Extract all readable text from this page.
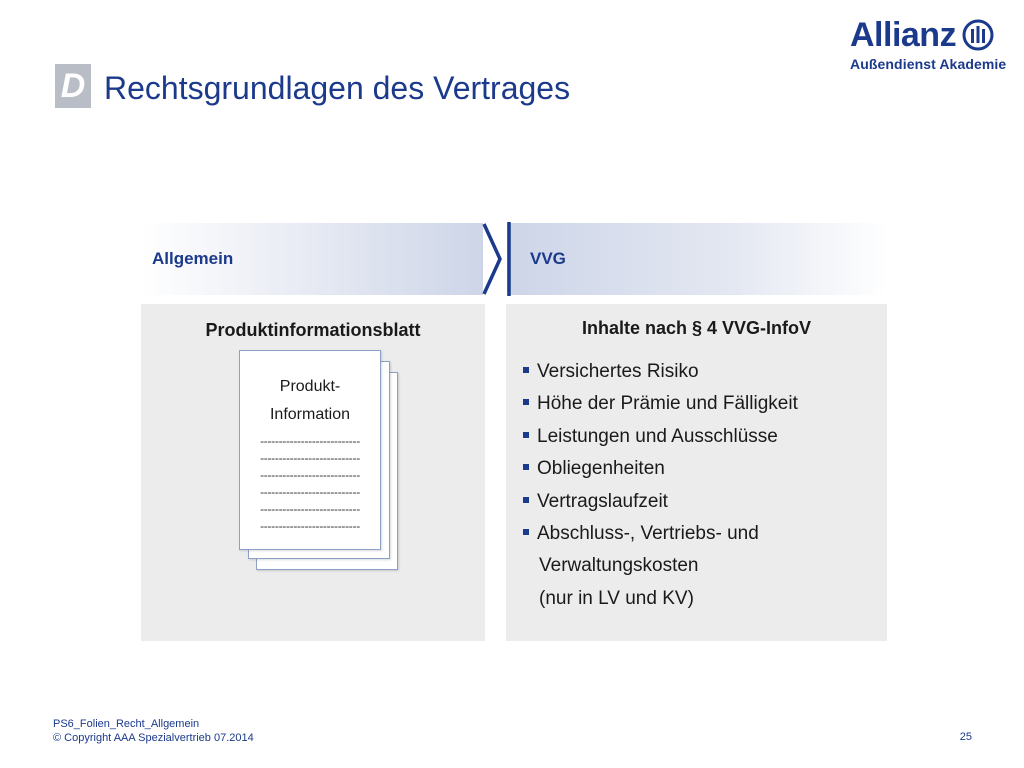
Allianz
Außendienst Akademie
D Rechtsgrundlagen des Vertrages
Allgemein	VVG
Produktinformationsblatt
Produkt-
Information
---------------------------
---------------------------
---------------------------
---------------------------
---------------------------
---------------------------
Inhalte nach § 4 VVG-InfoV
Versichertes Risiko
Höhe der Prämie und Fälligkeit
Leistungen und Ausschlüsse
Obliegenheiten
Vertragslaufzeit
Abschluss-, Vertriebs- und
Verwaltungskosten
(nur in LV und KV)
PS6_Folien_Recht_Allgemein
© Copyright AAA Spezialvertrieb 07.2014	25
